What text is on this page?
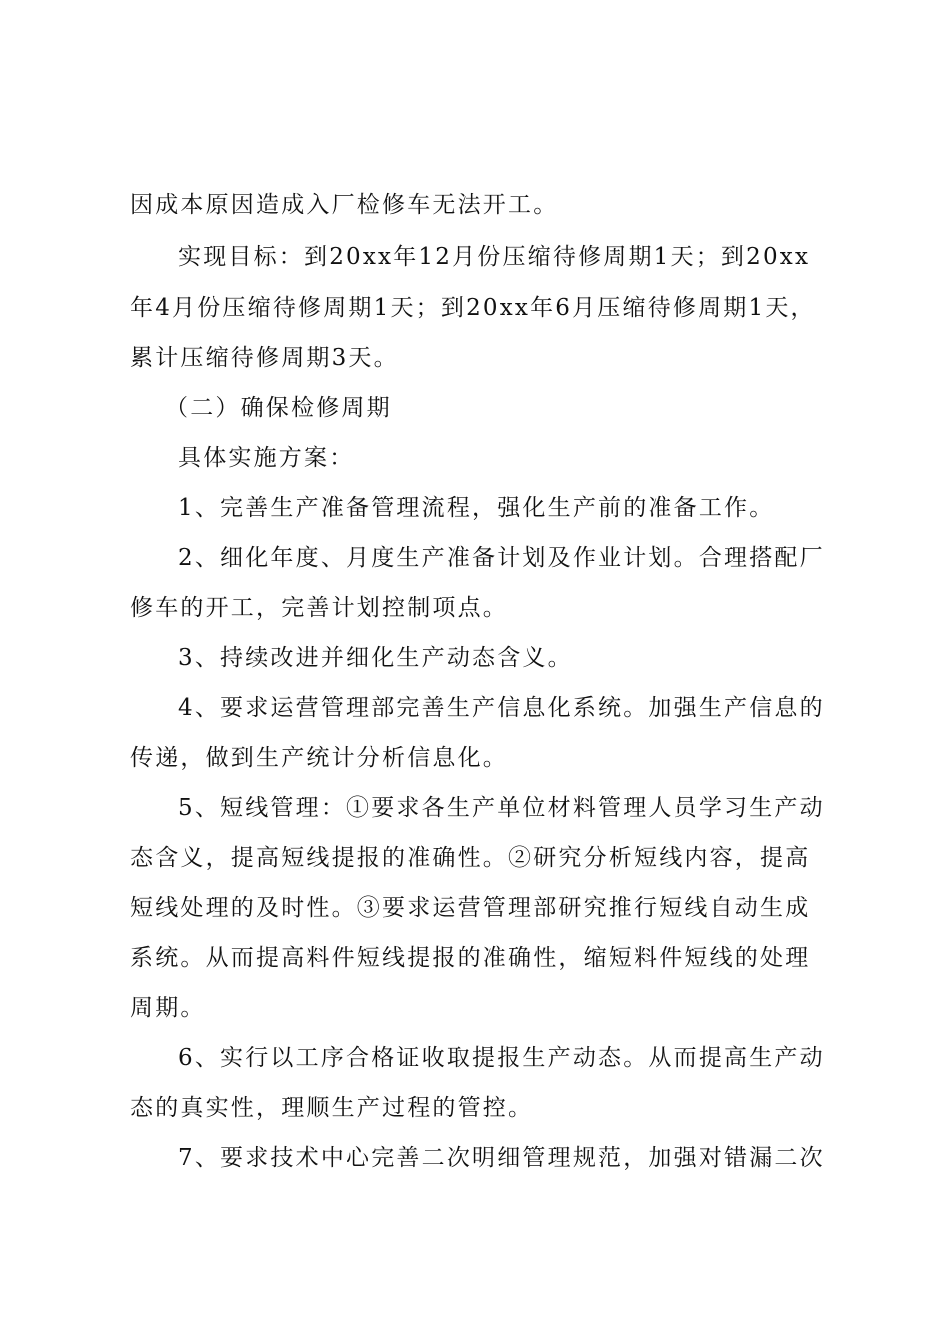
因成本原因造成入厂检修车无法开工。
实现目标：到20xx年12月份压缩待修周期1天；到20xx
年4月份压缩待修周期1天；到20xx年6月压缩待修周期1天，
累计压缩待修周期3天。
（二）确保检修周期
具体实施方案：
1、完善生产准备管理流程，强化生产前的准备工作。
2、细化年度、月度生产准备计划及作业计划。合理搭配厂
修车的开工，完善计划控制项点。
3、持续改进并细化生产动态含义。
4、要求运营管理部完善生产信息化系统。加强生产信息的
传递，做到生产统计分析信息化。
5、短线管理：①要求各生产单位材料管理人员学习生产动
态含义，提高短线提报的准确性。②研究分析短线内容，提高
短线处理的及时性。③要求运营管理部研究推行短线自动生成
系统。从而提高料件短线提报的准确性，缩短料件短线的处理
周期。
6、实行以工序合格证收取提报生产动态。从而提高生产动
态的真实性，理顺生产过程的管控。
7、要求技术中心完善二次明细管理规范，加强对错漏二次
